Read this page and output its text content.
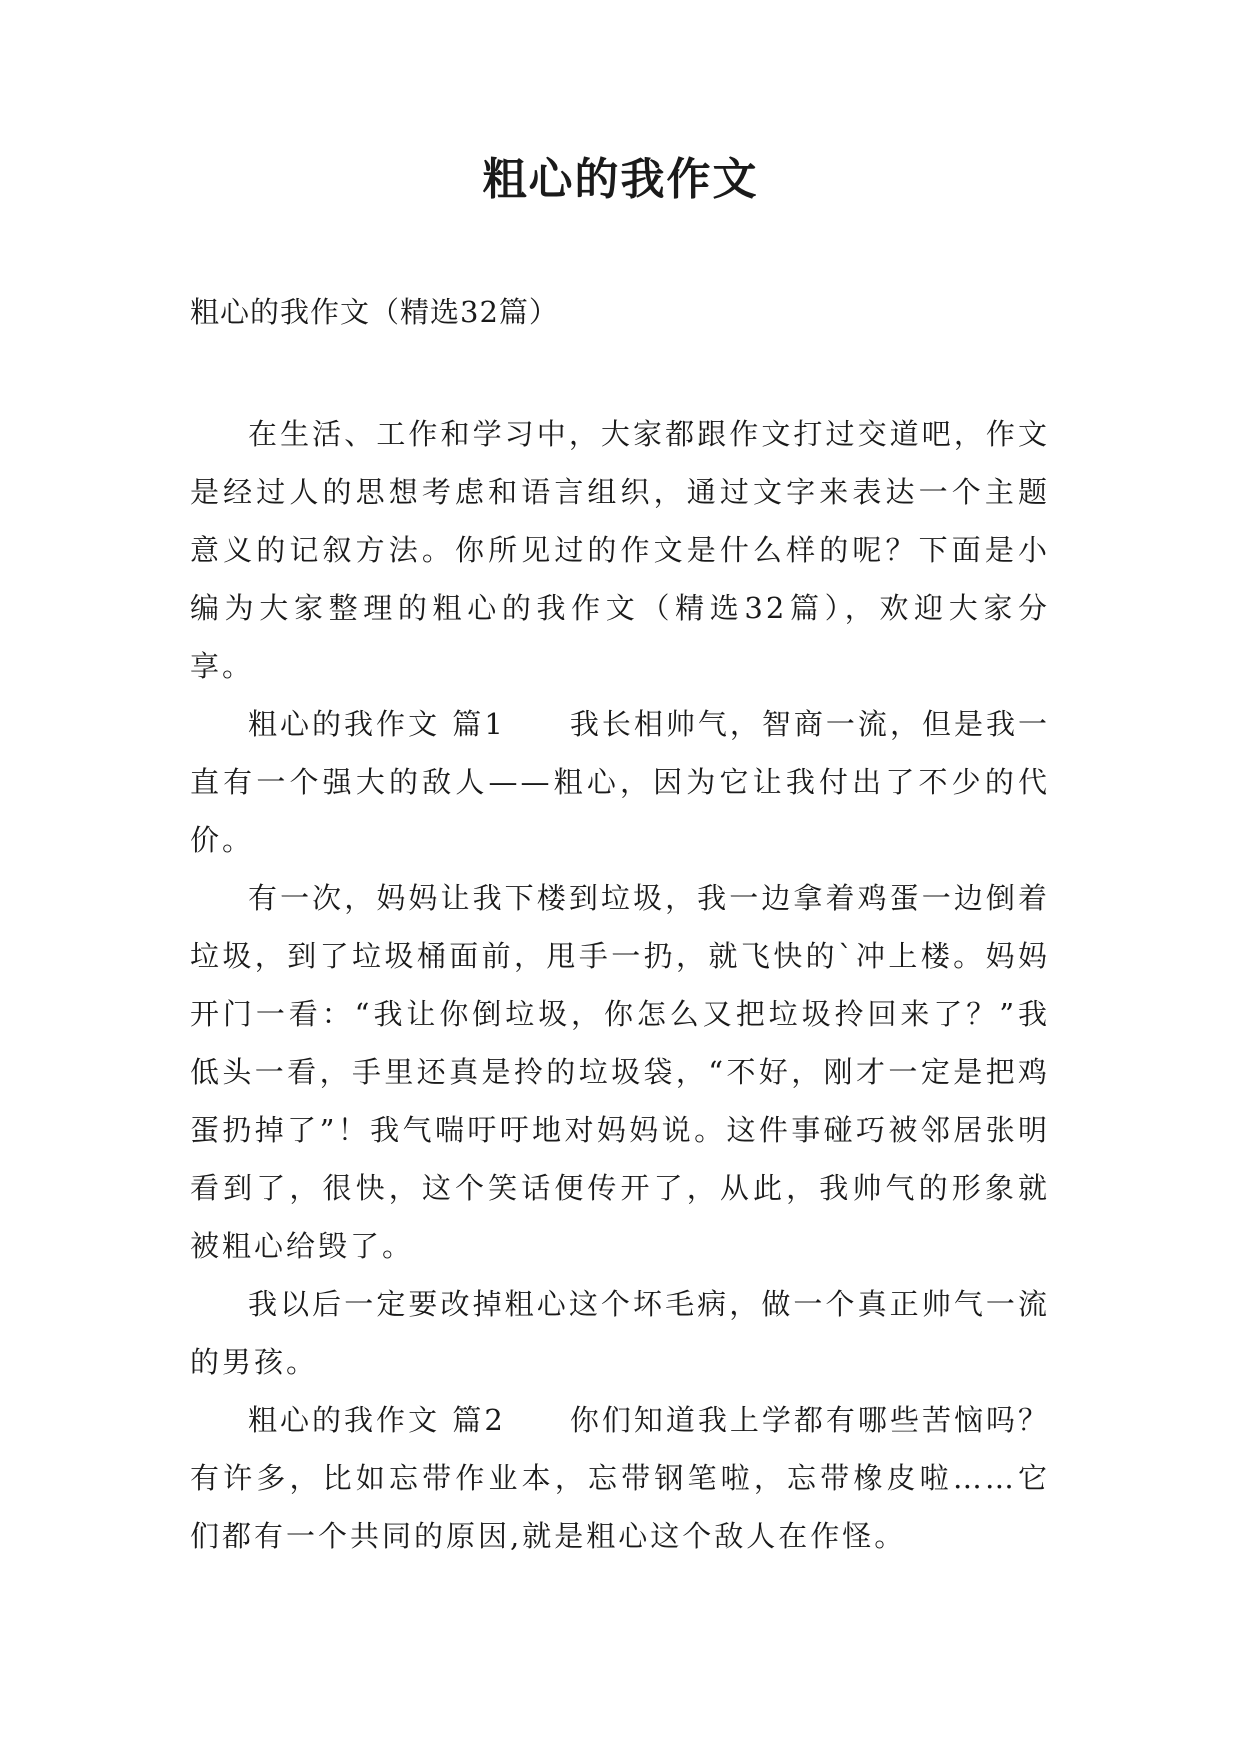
粗心的我作文
粗心的我作文（精选32篇）

在生活、工作和学习中，大家都跟作文打过交道吧，作文是经过人的思想考虑和语言组织，通过文字来表达一个主题意义的记叙方法。你所见过的作文是什么样的呢？下面是小编为大家整理的粗心的我作文（精选32篇），欢迎大家分享。

粗心的我作文 篇1　　我长相帅气，智商一流，但是我一直有一个强大的敌人——粗心，因为它让我付出了不少的代价。

有一次，妈妈让我下楼到垃圾，我一边拿着鸡蛋一边倒着垃圾，到了垃圾桶面前，甩手一扔，就飞快的`冲上楼。妈妈开门一看：“我让你倒垃圾，你怎么又把垃圾拎回来了？”我低头一看，手里还真是拎的垃圾袋，“不好，刚才一定是把鸡蛋扔掉了”！我气喘吁吁地对妈妈说。这件事碰巧被邻居张明看到了，很快，这个笑话便传开了，从此，我帅气的形象就被粗心给毁了。

我以后一定要改掉粗心这个坏毛病，做一个真正帅气一流的男孩。

粗心的我作文 篇2　　你们知道我上学都有哪些苦恼吗？有许多，比如忘带作业本，忘带钢笔啦，忘带橡皮啦……它们都有一个共同的原因,就是粗心这个敌人在作怪。
